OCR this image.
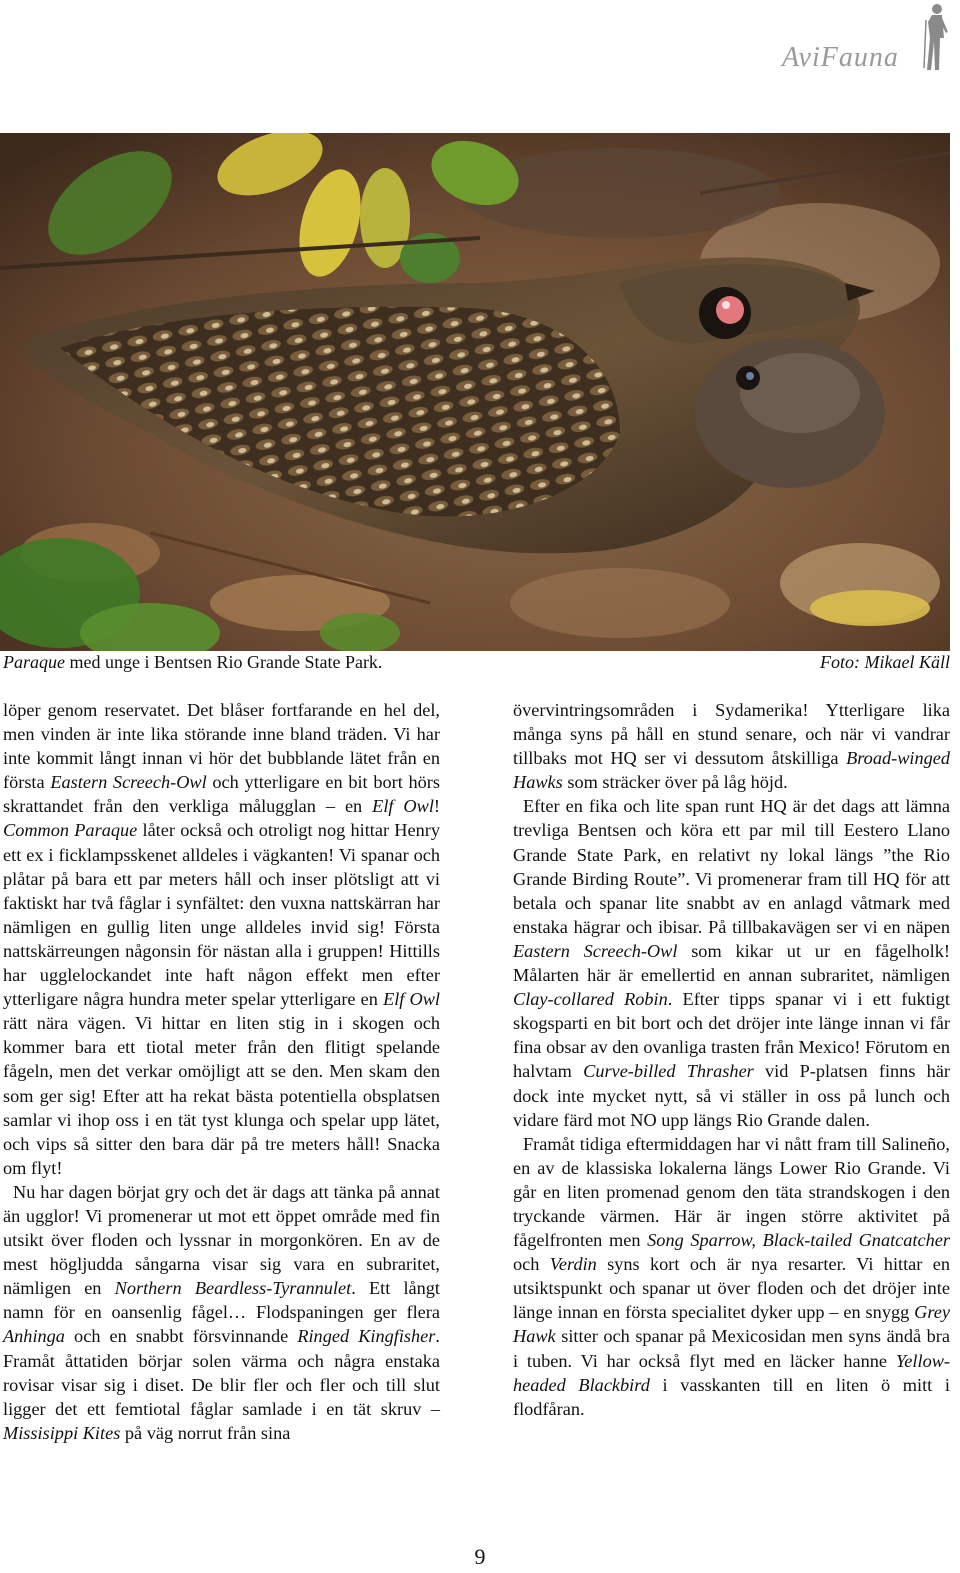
AviFauna
Paraque med unge i Bentsen Rio Grande State Park.	Foto: Mikael Käll

löper genom reservatet. Det blåser fortfarande en hel del, men vinden är inte lika störande inne bland träden. Vi har inte kommit långt innan vi hör det bubblande lätet från en första Eastern Screech-Owl och ytterligare en bit bort hörs skrattandet från den verkliga målugglan – en Elf Owl! Common Paraque låter också och otroligt nog hittar Henry ett ex i ficklampsskenet alldeles i vägkanten! Vi spanar och plåtar på bara ett par meters håll och inser plötsligt att vi faktiskt har två fåglar i synfältet: den vuxna nattskärran har nämligen en gullig liten unge alldeles invid sig! Första nattskärreungen någonsin för nästan alla i gruppen! Hittills har ugglelockandet inte haft någon effekt men efter ytterligare några hundra meter spelar ytterligare en Elf Owl rätt nära vägen. Vi hittar en liten stig in i skogen och kommer bara ett tiotal meter från den flitigt spelande fågeln, men det verkar omöjligt att se den. Men skam den som ger sig! Efter att ha rekat bästa potentiella obsplatsen samlar vi ihop oss i en tät tyst klunga och spelar upp lätet, och vips så sitter den bara där på tre meters håll! Snacka om flyt!

Nu har dagen börjat gry och det är dags att tänka på annat än ugglor! Vi promenerar ut mot ett öppet område med fin utsikt över floden och lyssnar in morgonkören. En av de mest högljudda sångarna visar sig vara en subraritet, nämligen en Northern Beardless-Tyrannulet. Ett långt namn för en oansenlig fågel… Flodspaningen ger flera Anhinga och en snabbt försvinnande Ringed Kingfisher. Framåt åttatiden börjar solen värma och några enstaka rovisar visar sig i diset. De blir fler och fler och till slut ligger det ett femtiotal fåglar samlade i en tät skruv – Missisippi Kites på väg norrut från sina

övervintringsområden i Sydamerika! Ytterligare lika många syns på håll en stund senare, och när vi vandrar tillbaks mot HQ ser vi dessutom åtskilliga Broad-winged Hawks som sträcker över på låg höjd.

Efter en fika och lite span runt HQ är det dags att lämna trevliga Bentsen och köra ett par mil till Eestero Llano Grande State Park, en relativt ny lokal längs ”the Rio Grande Birding Route”. Vi promenerar fram till HQ för att betala och spanar lite snabbt av en anlagd våtmark med enstaka hägrar och ibisar. På tillbakavägen ser vi en näpen Eastern Screech-Owl som kikar ut ur en fågelholk! Målarten här är emellertid en annan subraritet, nämligen Clay-collared Robin. Efter tipps spanar vi i ett fuktigt skogsparti en bit bort och det dröjer inte länge innan vi får fina obsar av den ovanliga trasten från Mexico! Förutom en halvtam Curve-billed Thrasher vid P-platsen finns här dock inte mycket nytt, så vi ställer in oss på lunch och vidare färd mot NO upp längs Rio Grande dalen.

Framåt tidiga eftermiddagen har vi nått fram till Salineño, en av de klassiska lokalerna längs Lower Rio Grande. Vi går en liten promenad genom den täta strandskogen i den tryckande värmen. Här är ingen större aktivitet på fågelfronten men Song Sparrow, Black-tailed Gnatcatcher och Verdin syns kort och är nya resarter. Vi hittar en utsiktspunkt och spanar ut över floden och det dröjer inte länge innan en första specialitet dyker upp – en snygg Grey Hawk sitter och spanar på Mexicosidan men syns ändå bra i tuben. Vi har också flyt med en läcker hanne Yellow-headed Blackbird i vasskanten till en liten ö mitt i flodfåran.

9
